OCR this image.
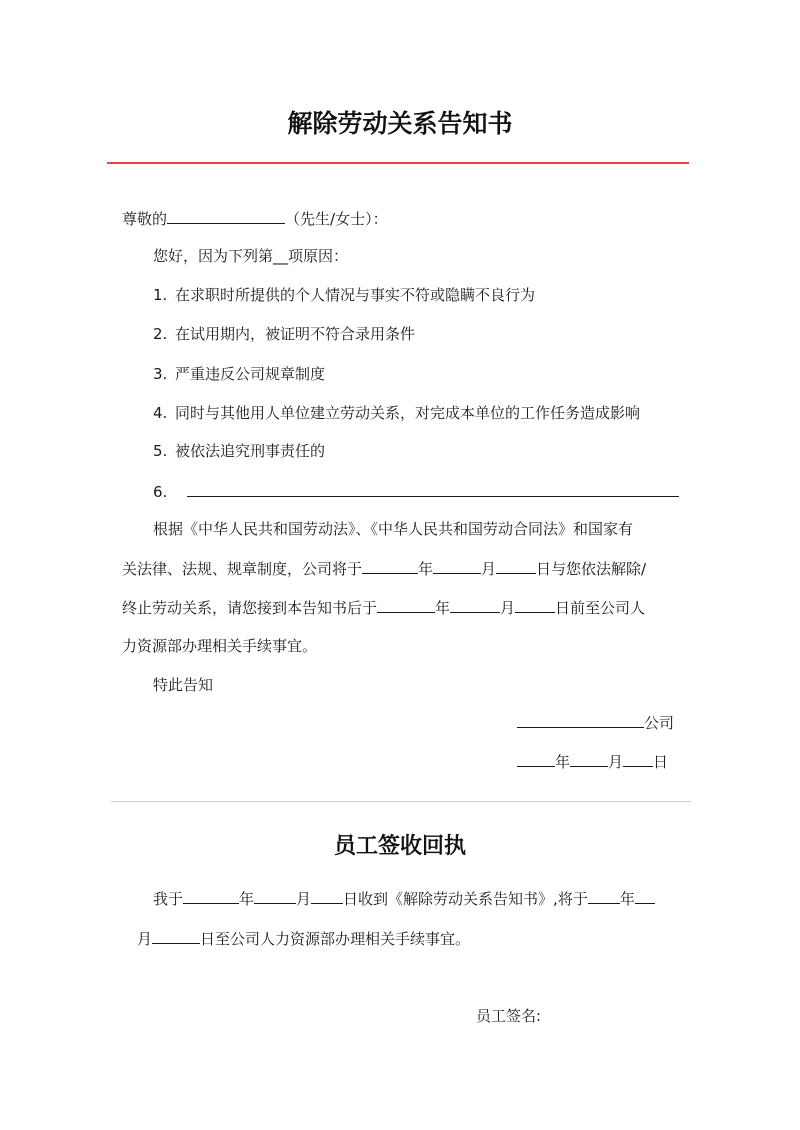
解除劳动关系告知书
尊敬的	（先生/女士）：
您好，因为下列第__项原因：
1. 在求职时所提供的个人情况与事实不符或隐瞒不良行为
2. 在试用期内，被证明不符合录用条件
3. 严重违反公司规章制度
4. 同时与其他用人单位建立劳动关系，对完成本单位的工作任务造成影响
5. 被依法追究刑事责任的
6.
根据《中华人民共和国劳动法》、《中华人民共和国劳动合同法》和国家有
关法律、法规、规章制度，公司将于	年	月	日与您依法解除/
终止劳动关系，请您接到本告知书后于	年	月	日前至公司人
力资源部办理相关手续事宜。
特此告知
公司
年	月 日
员工签收回执
我于	年	月 日收到《解除劳动关系告知书》,将于 年
月	日至公司人力资源部办理相关手续事宜。
员工签名:
